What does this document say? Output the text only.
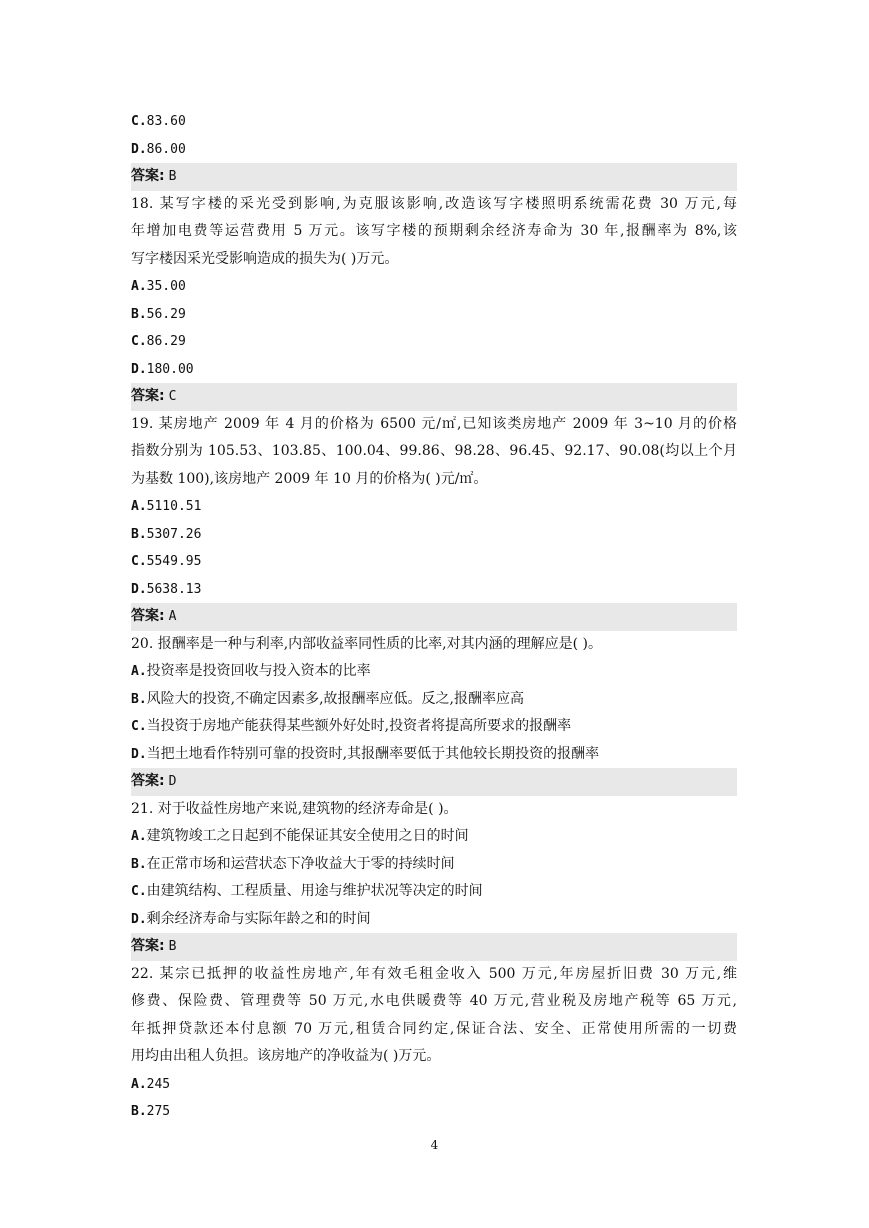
C.83.60
D.86.00
答案: B
18. 某写字楼的采光受到影响,为克服该影响,改造该写字楼照明系统需花费 30 万元,每
年增加电费等运营费用 5 万元。该写字楼的预期剩余经济寿命为 30 年,报酬率为 8%,该
写字楼因采光受影响造成的损失为( )万元。
A.35.00
B.56.29
C.86.29
D.180.00
答案: C
19. 某房地产 2009 年 4 月的价格为 6500 元/㎡,已知该类房地产 2009 年 3~10 月的价格
指数分别为 105.53、103.85、100.04、99.86、98.28、96.45、92.17、90.08(均以上个月
为基数 100),该房地产 2009 年 10 月的价格为( )元/㎡。
A.5110.51
B.5307.26
C.5549.95
D.5638.13
答案: A
20. 报酬率是一种与利率,内部收益率同性质的比率,对其内涵的理解应是( )。
A.投资率是投资回收与投入资本的比率
B.风险大的投资,不确定因素多,故报酬率应低。反之,报酬率应高
C.当投资于房地产能获得某些额外好处时,投资者将提高所要求的报酬率
D.当把土地看作特别可靠的投资时,其报酬率要低于其他较长期投资的报酬率
答案: D
21. 对于收益性房地产来说,建筑物的经济寿命是( )。
A.建筑物竣工之日起到不能保证其安全使用之日的时间
B.在正常市场和运营状态下净收益大于零的持续时间
C.由建筑结构、工程质量、用途与维护状况等决定的时间
D.剩余经济寿命与实际年龄之和的时间
答案: B
22. 某宗已抵押的收益性房地产,年有效毛租金收入 500 万元,年房屋折旧费 30 万元,维
修费、保险费、管理费等 50 万元,水电供暖费等 40 万元,营业税及房地产税等 65 万元,
年抵押贷款还本付息额 70 万元,租赁合同约定,保证合法、安全、正常使用所需的一切费
用均由出租人负担。该房地产的净收益为( )万元。
A.245
B.275
4
